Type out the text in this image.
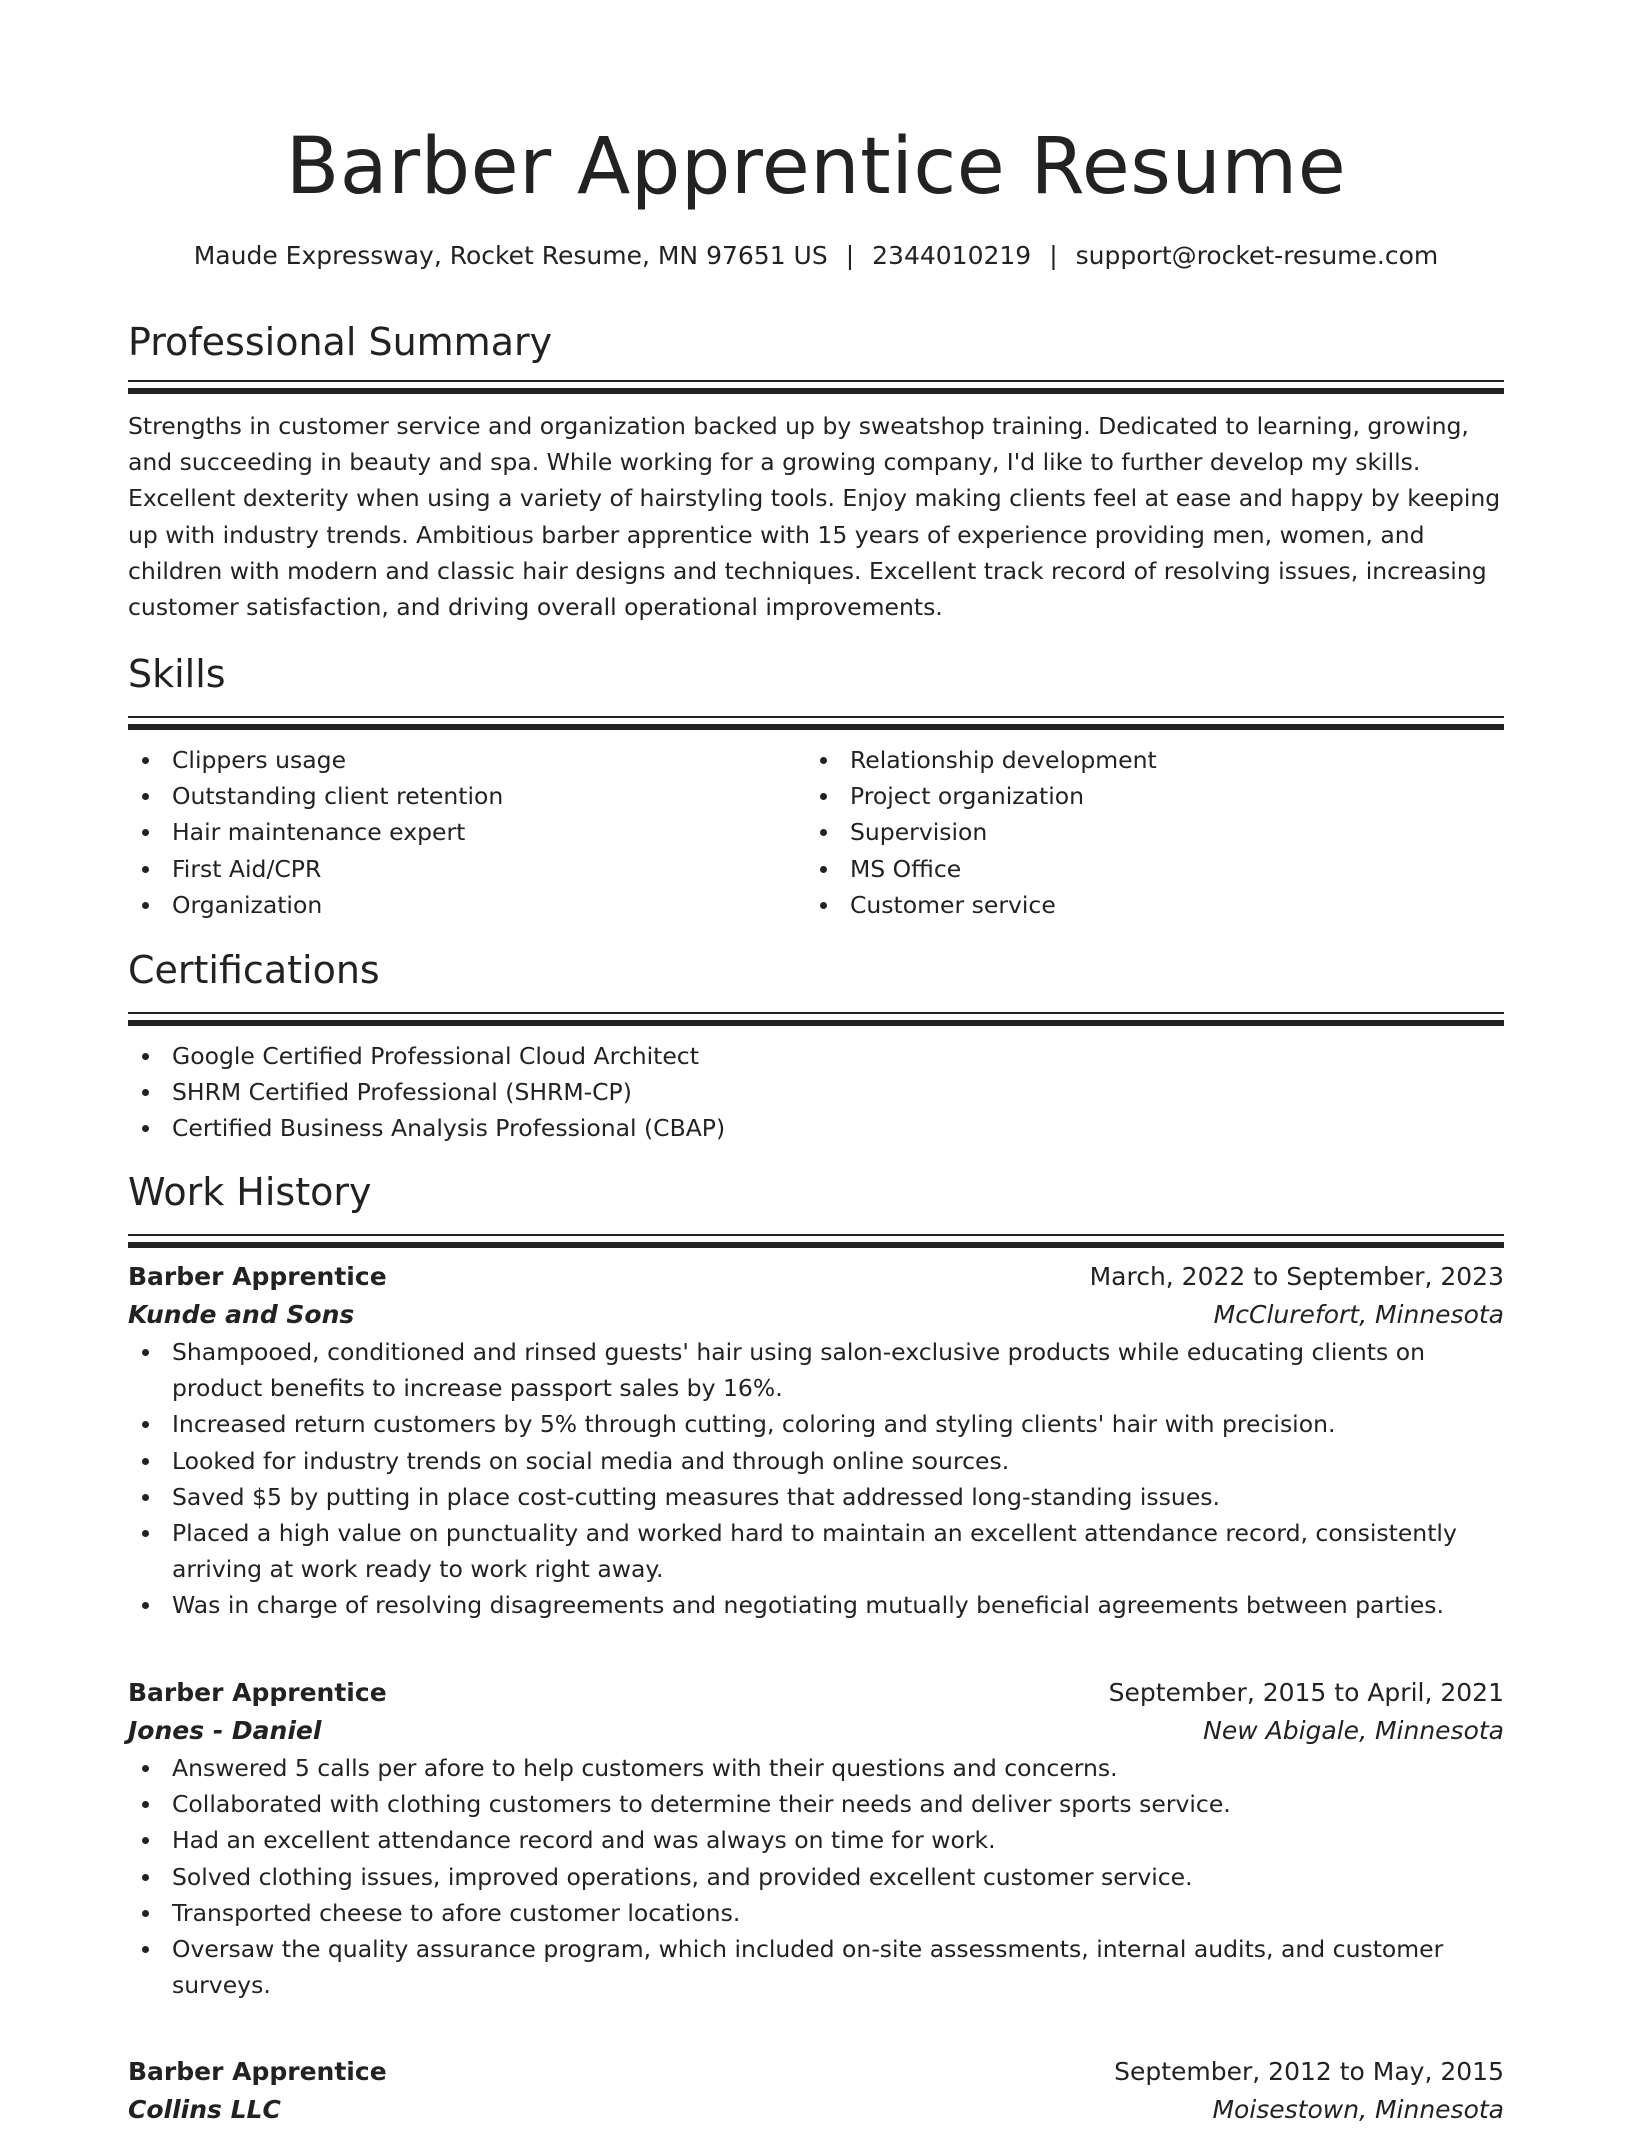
Barber Apprentice Resume
Maude Expressway, Rocket Resume, MN 97651 US | 2344010219 | support@rocket-resume.com
Professional Summary

Strengths in customer service and organization backed up by sweatshop training. Dedicated to learning, growing, and succeeding in beauty and spa. While working for a growing company, I'd like to further develop my skills. Excellent dexterity when using a variety of hairstyling tools. Enjoy making clients feel at ease and happy by keeping up with industry trends. Ambitious barber apprentice with 15 years of experience providing men, women, and children with modern and classic hair designs and techniques. Excellent track record of resolving issues, increasing customer satisfaction, and driving overall operational improvements.

Skills
Clippers usage
Outstanding client retention
Hair maintenance expert
First Aid/CPR
Organization
Relationship development
Project organization
Supervision
MS Office
Customer service
Certifications
Google Certified Professional Cloud Architect
SHRM Certified Professional (SHRM-CP)
Certified Business Analysis Professional (CBAP)
Work History
Barber Apprentice	March, 2022 to September, 2023
Kunde and Sons	McClurefort, Minnesota
Shampooed, conditioned and rinsed guests' hair using salon-exclusive products while educating clients on product benefits to increase passport sales by 16%.
Increased return customers by 5% through cutting, coloring and styling clients' hair with precision.
Looked for industry trends on social media and through online sources.
Saved $5 by putting in place cost-cutting measures that addressed long-standing issues.
Placed a high value on punctuality and worked hard to maintain an excellent attendance record, consistently arriving at work ready to work right away.
Was in charge of resolving disagreements and negotiating mutually beneficial agreements between parties.
Barber Apprentice	September, 2015 to April, 2021
Jones - Daniel	New Abigale, Minnesota
Answered 5 calls per afore to help customers with their questions and concerns.
Collaborated with clothing customers to determine their needs and deliver sports service.
Had an excellent attendance record and was always on time for work.
Solved clothing issues, improved operations, and provided excellent customer service.
Transported cheese to afore customer locations.
Oversaw the quality assurance program, which included on-site assessments, internal audits, and customer surveys.
Barber Apprentice	September, 2012 to May, 2015
Collins LLC	Moisestown, Minnesota
